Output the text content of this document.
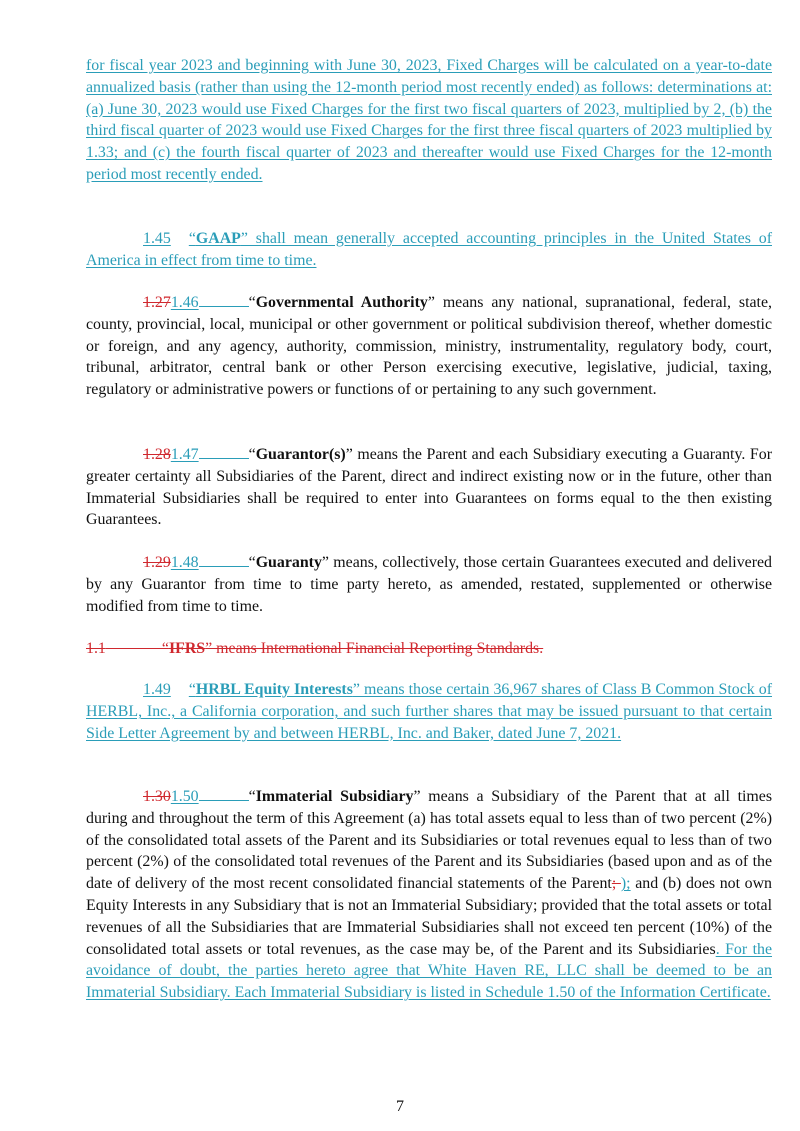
for fiscal year 2023 and beginning with June 30, 2023, Fixed Charges will be calculated on a year-to-date annualized basis (rather than using the 12-month period most recently ended) as follows: determinations at: (a) June 30, 2023 would use Fixed Charges for the first two fiscal quarters of 2023, multiplied by 2, (b) the third fiscal quarter of 2023 would use Fixed Charges for the first three fiscal quarters of 2023 multiplied by 1.33; and (c) the fourth fiscal quarter of 2023 and thereafter would use Fixed Charges for the 12-month period most recently ended.

1.45 “GAAP” shall mean generally accepted accounting principles in the United States of America in effect from time to time.

1.271.46	“Governmental Authority” means any national, supranational, federal, state, county, provincial, local, municipal or other government or political subdivision thereof, whether domestic or foreign, and any agency, authority, commission, ministry, instrumentality, regulatory body, court, tribunal, arbitrator, central bank or other Person exercising executive, legislative, judicial, taxing, regulatory or administrative powers or functions of or pertaining to any such government.

1.281.47	“Guarantor(s)” means the Parent and each Subsidiary executing a Guaranty. For greater certainty all Subsidiaries of the Parent, direct and indirect existing now or in the future, other than Immaterial Subsidiaries shall be required to enter into Guarantees on forms equal to the then existing Guarantees.

1.291.48	“Guaranty” means, collectively, those certain Guarantees executed and delivered by any Guarantor from time to time party hereto, as amended, restated, supplemented or otherwise modified from time to time.

1.1	“IFRS” means International Financial Reporting Standards.

1.49 “HRBL Equity Interests” means those certain 36,967 shares of Class B Common Stock of HERBL, Inc., a California corporation, and such further shares that may be issued pursuant to that certain Side Letter Agreement by and between HERBL, Inc. and Baker, dated June 7, 2021.

1.301.50	“Immaterial Subsidiary” means a Subsidiary of the Parent that at all times during and throughout the term of this Agreement (a) has total assets equal to less than of two percent (2%) of the consolidated total assets of the Parent and its Subsidiaries or total revenues equal to less than of two percent (2%) of the consolidated total revenues of the Parent and its Subsidiaries (based upon and as of the date of delivery of the most recent consolidated financial statements of the Parent; ); and (b) does not own Equity Interests in any Subsidiary that is not an Immaterial Subsidiary; provided that the total assets or total revenues of all the Subsidiaries that are Immaterial Subsidiaries shall not exceed ten percent (10%) of the consolidated total assets or total revenues, as the case may be, of the Parent and its Subsidiaries. For the avoidance of doubt, the parties hereto agree that White Haven RE, LLC shall be deemed to be an Immaterial Subsidiary. Each Immaterial Subsidiary is listed in Schedule 1.50 of the Information Certificate.

7
